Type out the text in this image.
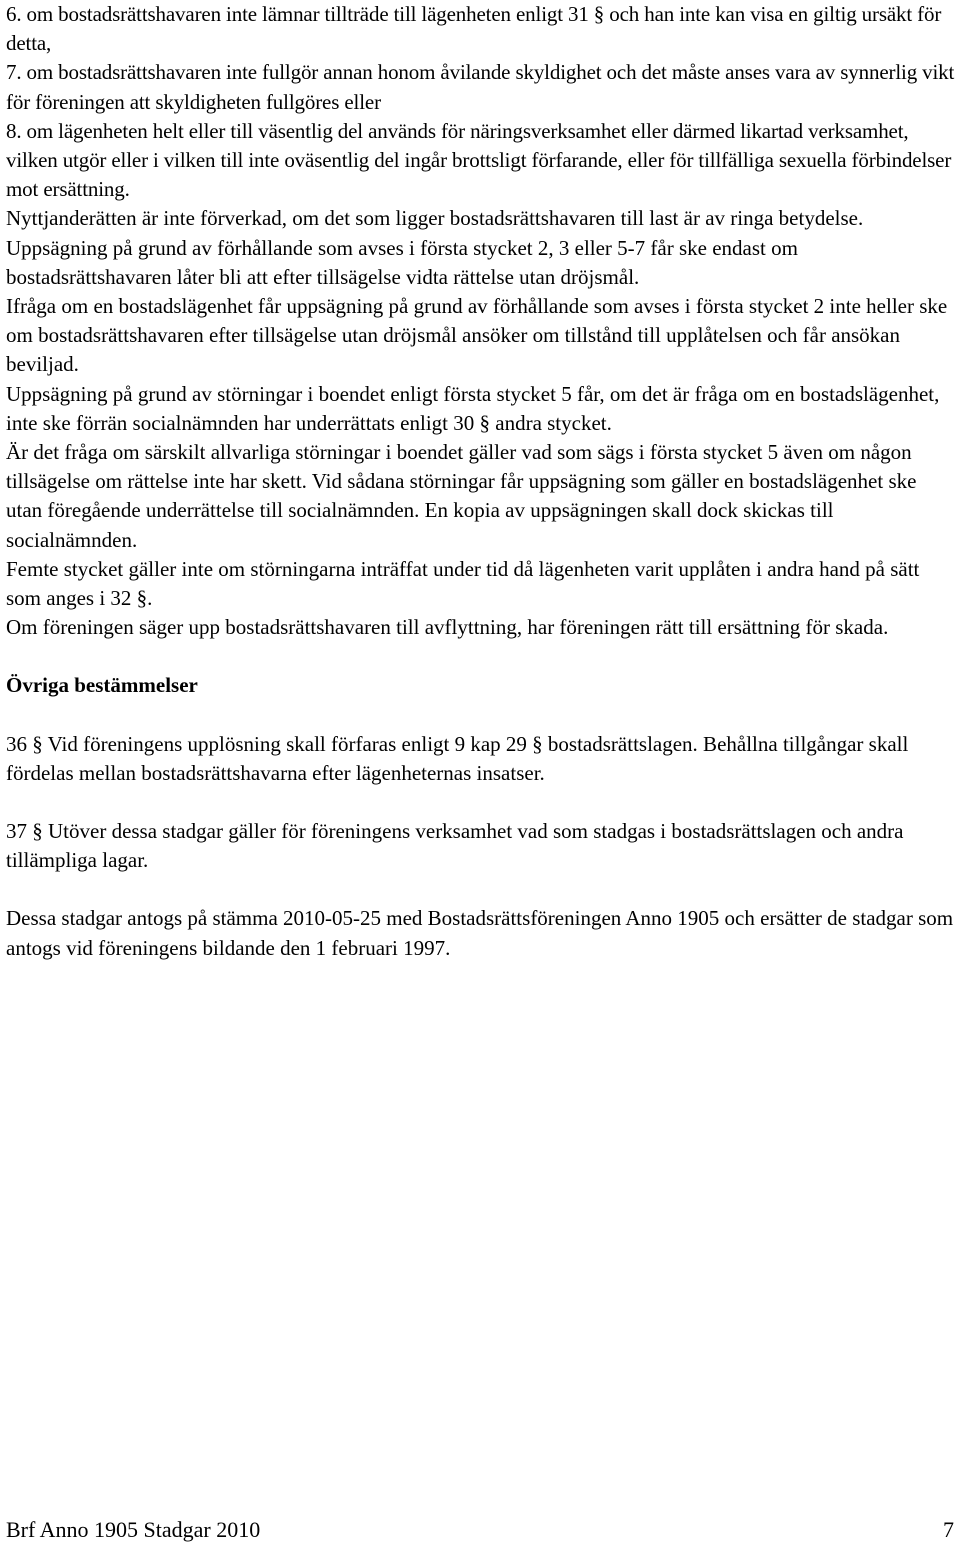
6. om bostadsrättshavaren inte lämnar tillträde till lägenheten enligt 31 § och han inte kan visa en giltig ursäkt för detta,

7. om bostadsrättshavaren inte fullgör annan honom åvilande skyldighet och det måste anses vara av synnerlig vikt för föreningen att skyldigheten fullgöres eller

8. om lägenheten helt eller till väsentlig del används för näringsverksamhet eller därmed likartad verksamhet, vilken utgör eller i vilken till inte oväsentlig del ingår brottsligt förfarande, eller för tillfälliga sexuella förbindelser mot ersättning.

Nyttjanderätten är inte förverkad, om det som ligger bostadsrättshavaren till last är av ringa betydelse.

Uppsägning på grund av förhållande som avses i första stycket 2, 3 eller 5-7 får ske endast om bostadsrättshavaren låter bli att efter tillsägelse vidta rättelse utan dröjsmål.

Ifråga om en bostadslägenhet får uppsägning på grund av förhållande som avses i första stycket 2 inte heller ske om bostadsrättshavaren efter tillsägelse utan dröjsmål ansöker om tillstånd till upplåtelsen och får ansökan beviljad.

Uppsägning på grund av störningar i boendet enligt första stycket 5 får, om det är fråga om en bostadslägenhet, inte ske förrän socialnämnden har underrättats enligt 30 § andra stycket.

Är det fråga om särskilt allvarliga störningar i boendet gäller vad som sägs i första stycket 5 även om någon tillsägelse om rättelse inte har skett. Vid sådana störningar får uppsägning som gäller en bostadslägenhet ske utan föregående underrättelse till socialnämnden. En kopia av uppsägningen skall dock skickas till socialnämnden.

Femte stycket gäller inte om störningarna inträffat under tid då lägenheten varit upplåten i andra hand på sätt som anges i 32 §.

Om föreningen säger upp bostadsrättshavaren till avflyttning, har föreningen rätt till ersättning för skada.

Övriga bestämmelser

36 § Vid föreningens upplösning skall förfaras enligt 9 kap 29 § bostadsrättslagen. Behållna tillgångar skall fördelas mellan bostadsrättshavarna efter lägenheternas insatser.

37 § Utöver dessa stadgar gäller för föreningens verksamhet vad som stadgas i bostadsrättslagen och andra tillämpliga lagar.

Dessa stadgar antogs på stämma 2010-05-25 med Bostadsrättsföreningen Anno 1905 och ersätter de stadgar som antogs vid föreningens bildande den 1 februari 1997.

Brf Anno 1905 Stadgar 2010	7
